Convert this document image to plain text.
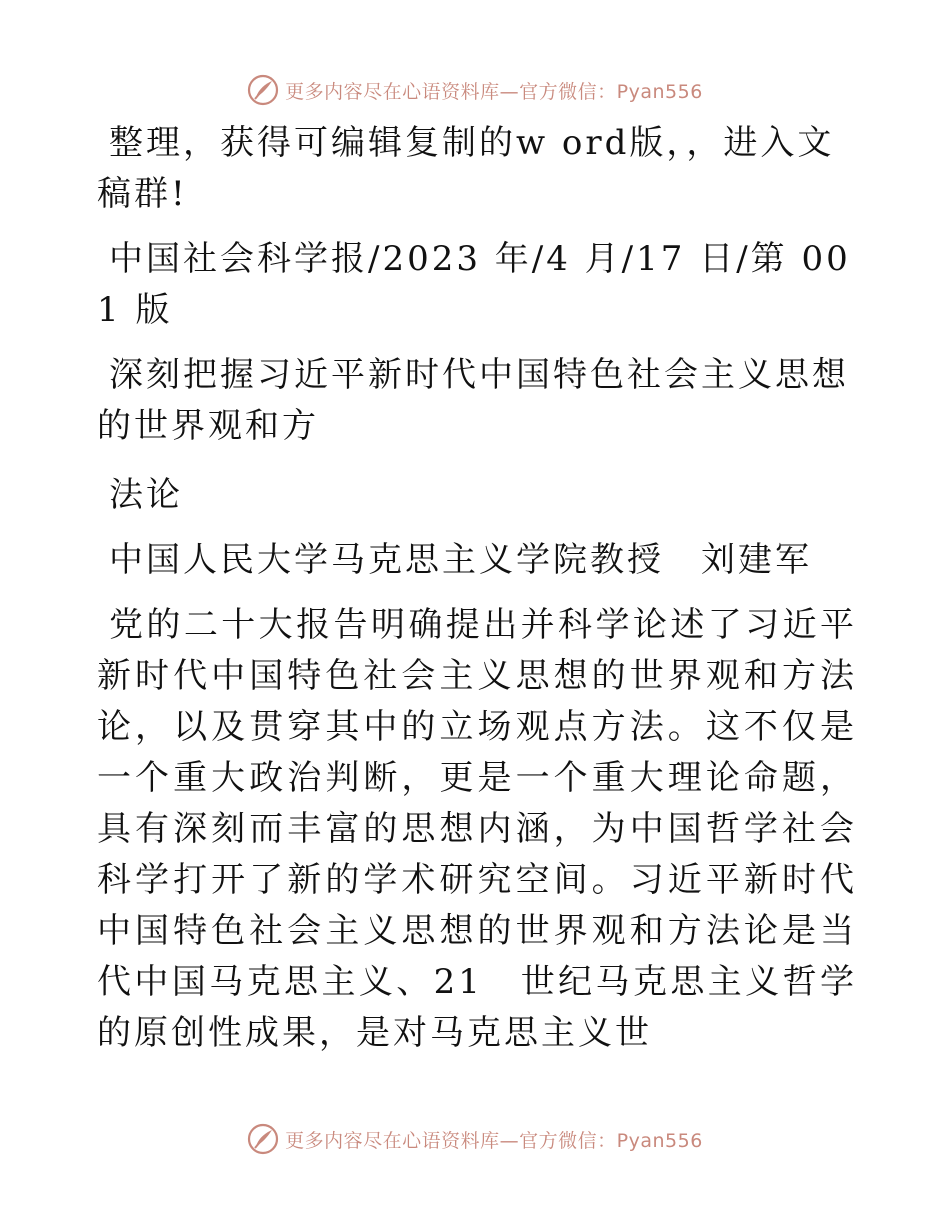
更多内容尽在心语资料库—官方微信：Pyan556

整理，获得可编辑复制的w ord版，，进入文稿群!

中国社会科学报/2023 年/4 月/17 日/第 001 版

深刻把握习近平新时代中国特色社会主义思想的世界观和方

法论

中国人民大学马克思主义学院教授　刘建军

党的二十大报告明确提出并科学论述了习近平新时代中国特色社会主义思想的世界观和方法论，以及贯穿其中的立场观点方法。这不仅是一个重大政治判断，更是一个重大理论命题，具有深刻而丰富的思想内涵，为中国哲学社会科学打开了新的学术研究空间。习近平新时代中国特色社会主义思想的世界观和方法论是当代中国马克思主义、21　世纪马克思主义哲学的原创性成果，是对马克思主义世

更多内容尽在心语资料库—官方微信：Pyan556
